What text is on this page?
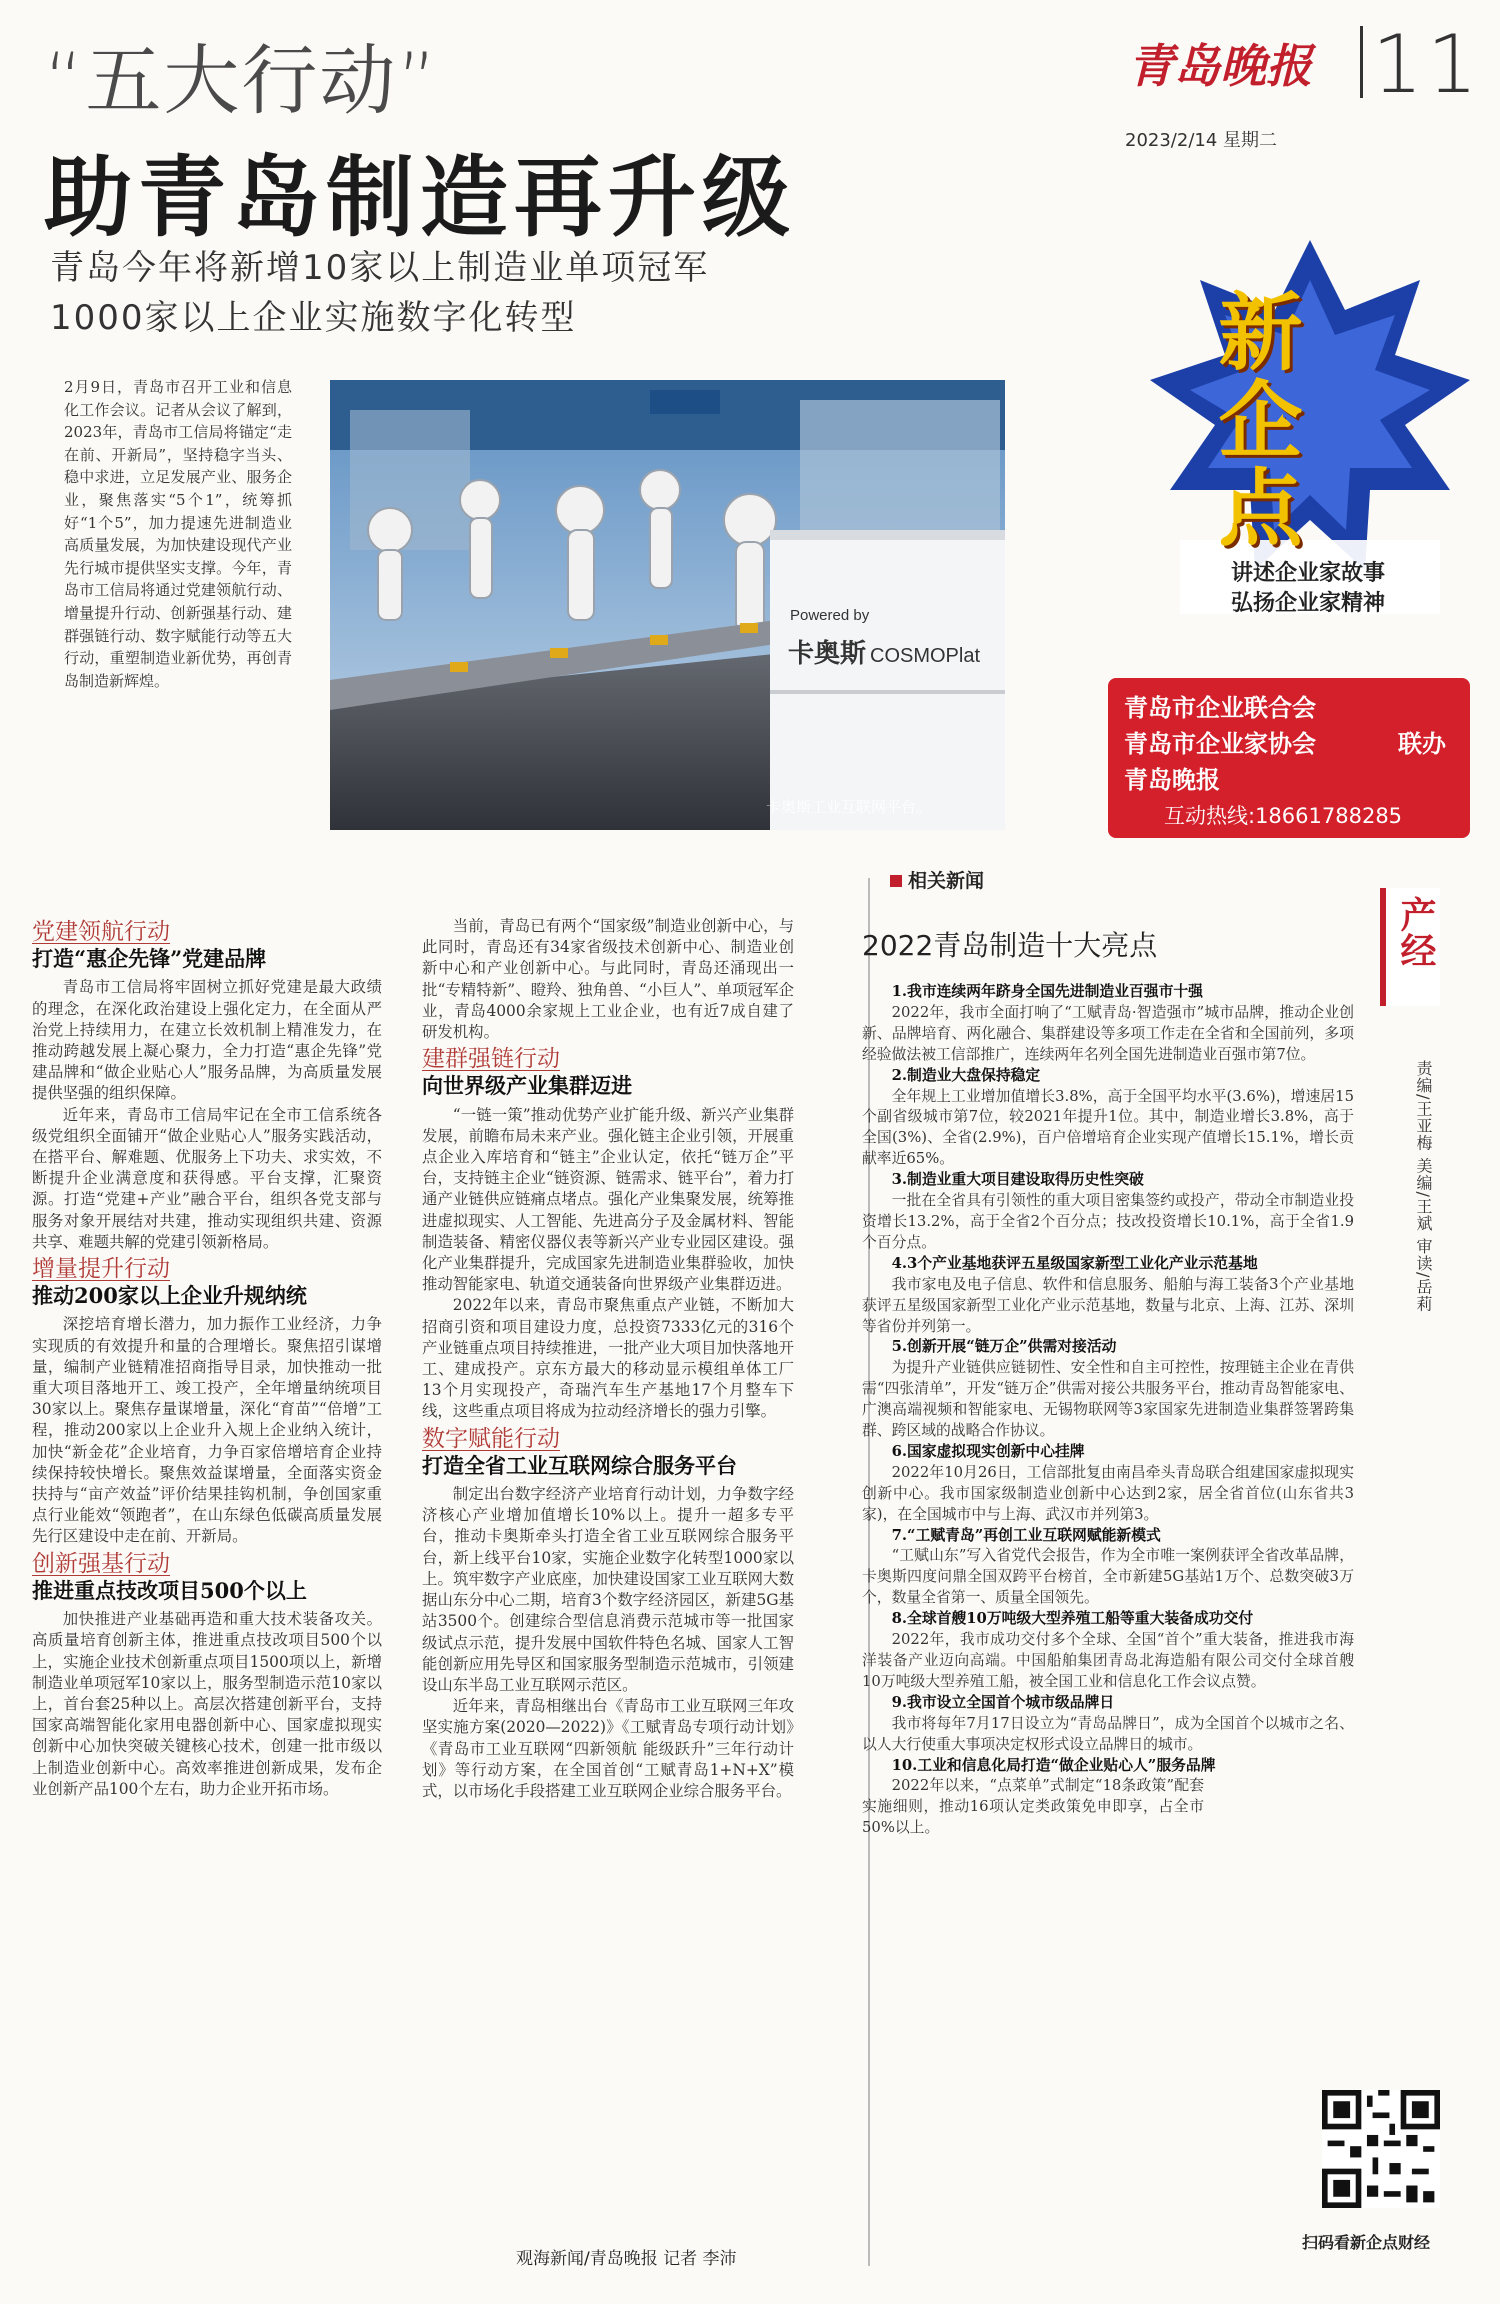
“五大行动”
助青岛制造再升级
青岛今年将新增10家以上制造业单项冠军
1000家以上企业实施数字化转型
青岛晚报 11
2023/2/14 星期二
2月9日，青岛市召开工业和信息化工作会议。记者从会议了解到，2023年，青岛市工信局将锚定“走在前、开新局”，坚持稳字当头、稳中求进，立足发展产业、服务企业，聚焦落实“5个1”，统筹抓好“1个5”，加力提速先进制造业高质量发展，为加快建设现代产业先行城市提供坚实支撑。今年，青岛市工信局将通过党建领航行动、增量提升行动、创新强基行动、建群强链行动、数字赋能行动等五大行动，重塑制造业新优势，再创青岛制造新辉煌。
Powered by
卡奥斯 COSMOPlat
卡奥斯工业互联网平台。
新企点
讲述企业家故事
弘扬企业家精神
青岛市企业联合会
青岛市企业家协会
青岛晚报
联办
互动热线:18661788285
党建领航行动
打造“惠企先锋”党建品牌

青岛市工信局将牢固树立抓好党建是最大政绩的理念，在深化政治建设上强化定力，在全面从严治党上持续用力，在建立长效机制上精准发力，在推动跨越发展上凝心聚力，全力打造“惠企先锋”党建品牌和“做企业贴心人”服务品牌，为高质量发展提供坚强的组织保障。

近年来，青岛市工信局牢记在全市工信系统各级党组织全面铺开“做企业贴心人”服务实践活动，在搭平台、解难题、优服务上下功夫、求实效，不断提升企业满意度和获得感。平台支撑，汇聚资源。打造“党建+产业”融合平台，组织各党支部与服务对象开展结对共建，推动实现组织共建、资源共享、难题共解的党建引领新格局。

增量提升行动
推动200家以上企业升规纳统

深挖培育增长潜力，加力振作工业经济，力争实现质的有效提升和量的合理增长。聚焦招引谋增量，编制产业链精准招商指导目录，加快推动一批重大项目落地开工、竣工投产，全年增量纳统项目30家以上。聚焦存量谋增量，深化“育苗”“倍增”工程，推动200家以上企业升入规上企业纳入统计，加快“新金花”企业培育，力争百家倍增培育企业持续保持较快增长。聚焦效益谋增量，全面落实资金扶持与“亩产效益”评价结果挂钩机制，争创国家重点行业能效“领跑者”，在山东绿色低碳高质量发展先行区建设中走在前、开新局。

创新强基行动
推进重点技改项目500个以上

加快推进产业基础再造和重大技术装备攻关。高质量培育创新主体，推进重点技改项目500个以上，实施企业技术创新重点项目1500项以上，新增制造业单项冠军10家以上，服务型制造示范10家以上，首台套25种以上。高层次搭建创新平台，支持国家高端智能化家用电器创新中心、国家虚拟现实创新中心加快突破关键核心技术，创建一批市级以上制造业创新中心。高效率推进创新成果，发布企业创新产品100个左右，助力企业开拓市场。

当前，青岛已有两个“国家级”制造业创新中心，与此同时，青岛还有34家省级技术创新中心、制造业创新中心和产业创新中心。与此同时，青岛还涌现出一批“专精特新”、瞪羚、独角兽、“小巨人”、单项冠军企业，青岛4000余家规上工业企业，也有近7成自建了研发机构。

建群强链行动
向世界级产业集群迈进

“一链一策”推动优势产业扩能升级、新兴产业集群发展，前瞻布局未来产业。强化链主企业引领，开展重点企业入库培育和“链主”企业认定，依托“链万企”平台，支持链主企业“链资源、链需求、链平台”，着力打通产业链供应链痛点堵点。强化产业集聚发展，统筹推进虚拟现实、人工智能、先进高分子及金属材料、智能制造装备、精密仪器仪表等新兴产业专业园区建设。强化产业集群提升，完成国家先进制造业集群验收，加快推动智能家电、轨道交通装备向世界级产业集群迈进。

2022年以来，青岛市聚焦重点产业链，不断加大招商引资和项目建设力度，总投资7333亿元的316个产业链重点项目持续推进，一批产业大项目加快落地开工、建成投产。京东方最大的移动显示模组单体工厂13个月实现投产，奇瑞汽车生产基地17个月整车下线，这些重点项目将成为拉动经济增长的强力引擎。

数字赋能行动
打造全省工业互联网综合服务平台

制定出台数字经济产业培育行动计划，力争数字经济核心产业增加值增长10%以上。提升一超多专平台，推动卡奥斯牵头打造全省工业互联网综合服务平台，新上线平台10家，实施企业数字化转型1000家以上。筑牢数字产业底座，加快建设国家工业互联网大数据山东分中心二期，培育3个数字经济园区，新建5G基站3500个。创建综合型信息消费示范城市等一批国家级试点示范，提升发展中国软件特色名城、国家人工智能创新应用先导区和国家服务型制造示范城市，引领建设山东半岛工业互联网示范区。

近年来，青岛相继出台《青岛市工业互联网三年攻坚实施方案(2020—2022)》《工赋青岛专项行动计划》《青岛市工业互联网“四新领航 能级跃升”三年行动计划》等行动方案，在全国首创“工赋青岛1+N+X”模式，以市场化手段搭建工业互联网企业综合服务平台。

观海新闻/青岛晚报 记者 李沛
相关新闻
2022青岛制造十大亮点
1.我市连续两年跻身全国先进制造业百强市十强
2022年，我市全面打响了“工赋青岛·智造强市”城市品牌，推动企业创新、品牌培育、两化融合、集群建设等多项工作走在全省和全国前列，多项经验做法被工信部推广，连续两年名列全国先进制造业百强市第7位。
2.制造业大盘保持稳定
全年规上工业增加值增长3.8%，高于全国平均水平(3.6%)，增速居15个副省级城市第7位，较2021年提升1位。其中，制造业增长3.8%，高于全国(3%)、全省(2.9%)，百户倍增培育企业实现产值增长15.1%，增长贡献率近65%。
3.制造业重大项目建设取得历史性突破
一批在全省具有引领性的重大项目密集签约或投产，带动全市制造业投资增长13.2%，高于全省2个百分点；技改投资增长10.1%，高于全省1.9个百分点。
4.3个产业基地获评五星级国家新型工业化产业示范基地
我市家电及电子信息、软件和信息服务、船舶与海工装备3个产业基地获评五星级国家新型工业化产业示范基地，数量与北京、上海、江苏、深圳等省份并列第一。
5.创新开展“链万企”供需对接活动
为提升产业链供应链韧性、安全性和自主可控性，按理链主企业在青供需“四张清单”，开发“链万企”供需对接公共服务平台，推动青岛智能家电、广澳高端视频和智能家电、无锡物联网等3家国家先进制造业集群签署跨集群、跨区域的战略合作协议。
6.国家虚拟现实创新中心挂牌
2022年10月26日，工信部批复由南昌牵头青岛联合组建国家虚拟现实创新中心。我市国家级制造业创新中心达到2家，居全省首位(山东省共3家)，在全国城市中与上海、武汉市并列第3。
7.“工赋青岛”再创工业互联网赋能新模式
“工赋山东”写入省党代会报告，作为全市唯一案例获评全省改革品牌，卡奥斯四度问鼎全国双跨平台榜首，全市新建5G基站1万个、总数突破3万个，数量全省第一、质量全国领先。
8.全球首艘10万吨级大型养殖工船等重大装备成功交付
2022年，我市成功交付多个全球、全国“首个”重大装备，推进我市海洋装备产业迈向高端。中国船舶集团青岛北海造船有限公司交付全球首艘10万吨级大型养殖工船，被全国工业和信息化工作会议点赞。
9.我市设立全国首个城市级品牌日
我市将每年7月17日设立为“青岛品牌日”，成为全国首个以城市之名、以人大行使重大事项决定权形式设立品牌日的城市。
10.工业和信息化局打造“做企业贴心人”服务品牌
2022年以来，“点菜单”式制定“18条政策”配套实施细则，推动16项认定类政策免申即享，占全市50%以上。
产经
责编/王亚梅 美编/王斌 审读/岳莉
扫码看新企点财经
